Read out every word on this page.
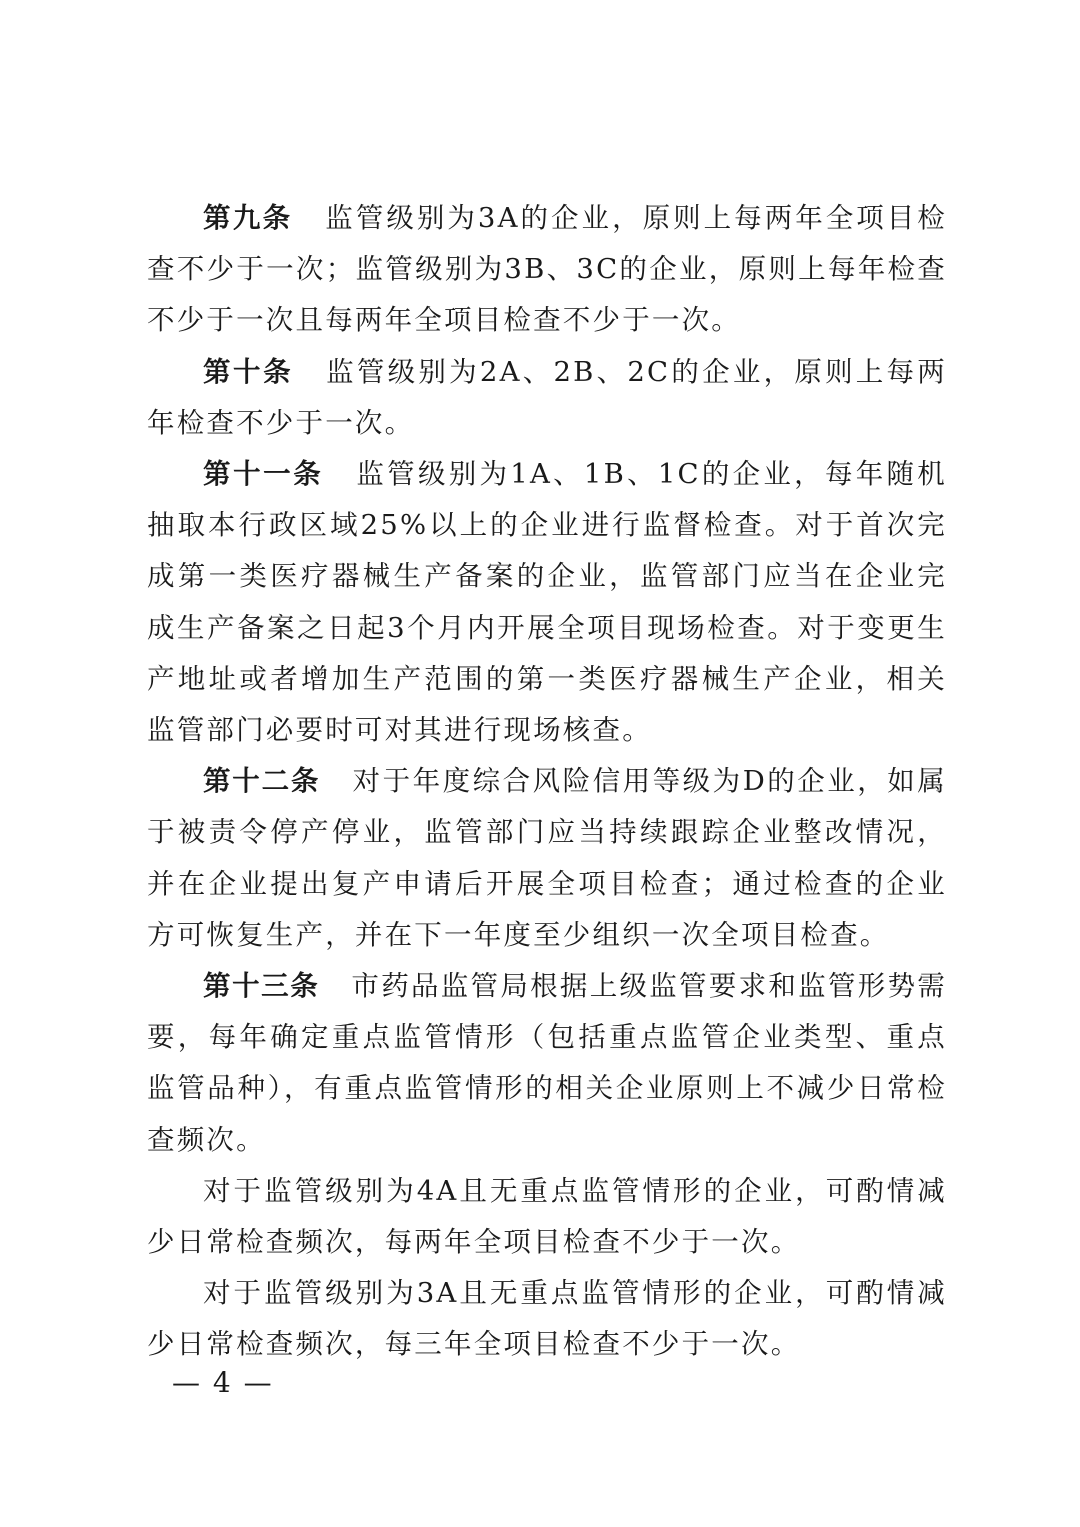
第九条 监管级别为3A的企业，原则上每两年全项目检查不少于一次；监管级别为3B、3C的企业，原则上每年检查不少于一次且每两年全项目检查不少于一次。

第十条 监管级别为2A、2B、2C的企业，原则上每两年检查不少于一次。

第十一条 监管级别为1A、1B、1C的企业，每年随机抽取本行政区域25%以上的企业进行监督检查。对于首次完成第一类医疗器械生产备案的企业，监管部门应当在企业完成生产备案之日起3个月内开展全项目现场检查。对于变更生产地址或者增加生产范围的第一类医疗器械生产企业，相关监管部门必要时可对其进行现场核查。

第十二条 对于年度综合风险信用等级为D的企业，如属于被责令停产停业，监管部门应当持续跟踪企业整改情况，并在企业提出复产申请后开展全项目检查；通过检查的企业方可恢复生产，并在下一年度至少组织一次全项目检查。

第十三条 市药品监管局根据上级监管要求和监管形势需要，每年确定重点监管情形（包括重点监管企业类型、重点监管品种），有重点监管情形的相关企业原则上不减少日常检查频次。

对于监管级别为4A且无重点监管情形的企业，可酌情减少日常检查频次，每两年全项目检查不少于一次。

对于监管级别为3A且无重点监管情形的企业，可酌情减少日常检查频次，每三年全项目检查不少于一次。

— 4 —
